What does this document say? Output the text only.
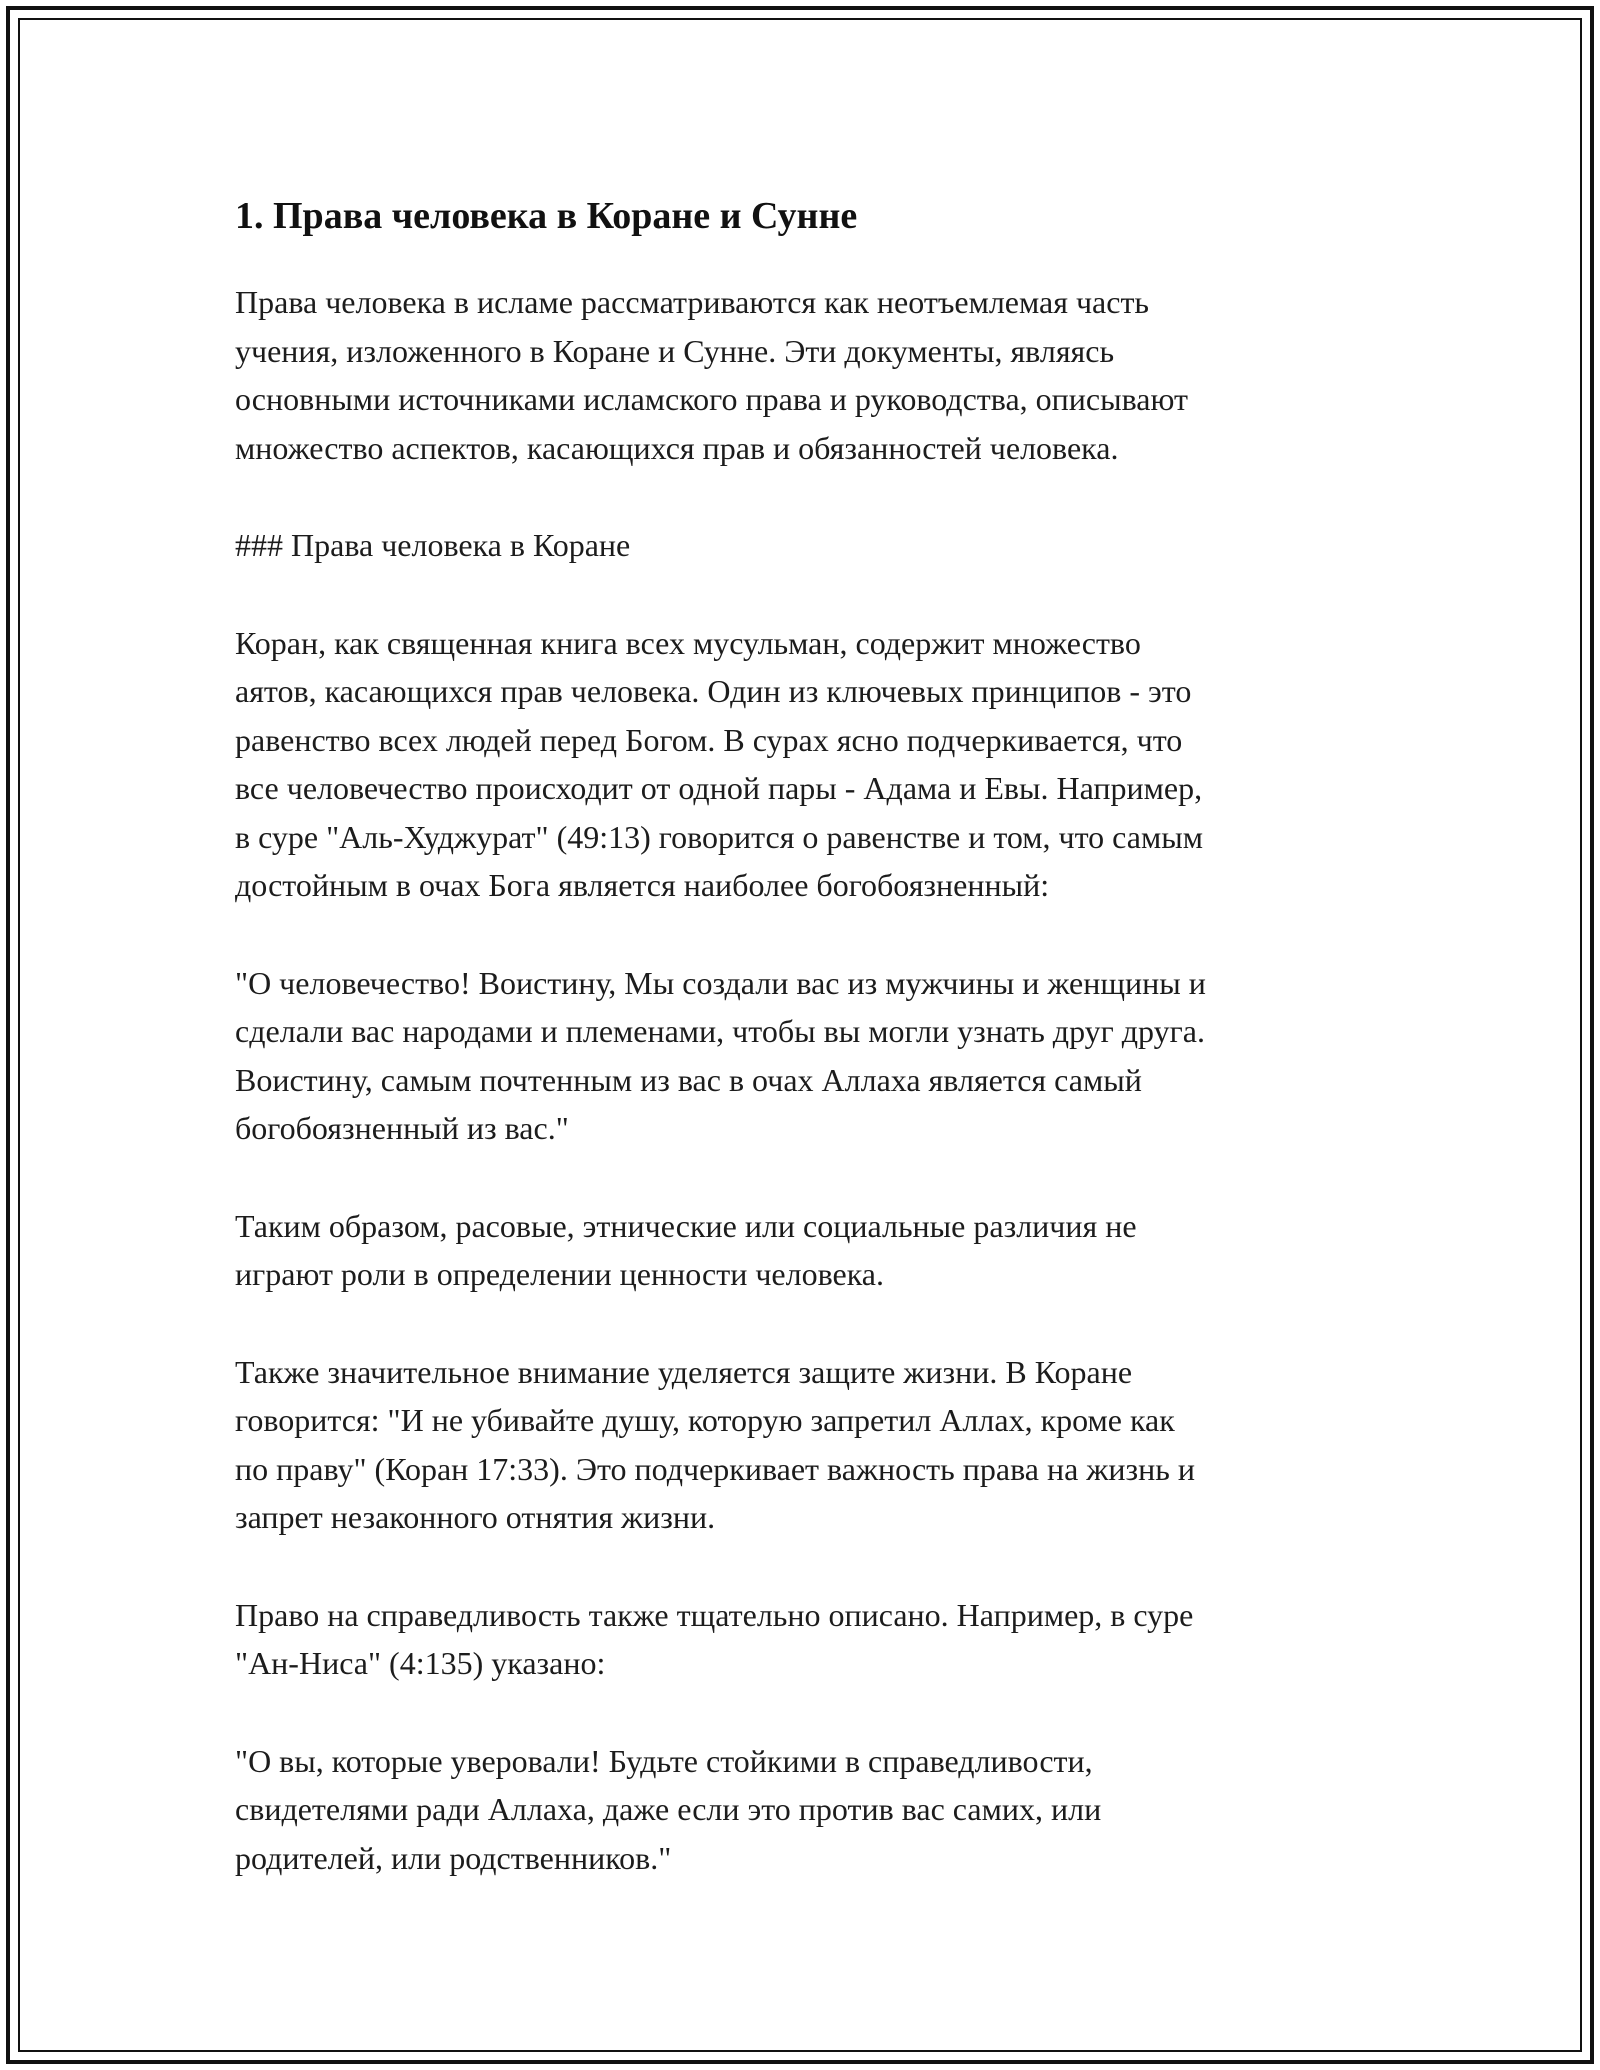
1. Права человека в Коране и Сунне

Права человека в исламе рассматриваются как неотъемлемая часть
учения, изложенного в Коране и Сунне. Эти документы, являясь
основными источниками исламского права и руководства, описывают
множество аспектов, касающихся прав и обязанностей человека.

### Права человека в Коране

Коран, как священная книга всех мусульман, содержит множество
аятов, касающихся прав человека. Один из ключевых принципов - это
равенство всех людей перед Богом. В сурах ясно подчеркивается, что
все человечество происходит от одной пары - Адама и Евы. Например,
в суре "Аль-Худжурат" (49:13) говорится о равенстве и том, что самым
достойным в очах Бога является наиболее богобоязненный:

"О человечество! Воистину, Мы создали вас из мужчины и женщины и
сделали вас народами и племенами, чтобы вы могли узнать друг друга.
Воистину, самым почтенным из вас в очах Аллаха является самый
богобоязненный из вас."

Таким образом, расовые, этнические или социальные различия не
играют роли в определении ценности человека.

Также значительное внимание уделяется защите жизни. В Коране
говорится: "И не убивайте душу, которую запретил Аллах, кроме как
по праву" (Коран 17:33). Это подчеркивает важность права на жизнь и
запрет незаконного отнятия жизни.

Право на справедливость также тщательно описано. Например, в суре
"Ан-Ниса" (4:135) указано:

"О вы, которые уверовали! Будьте стойкими в справедливости,
свидетелями ради Аллаха, даже если это против вас самих, или
родителей, или родственников."
